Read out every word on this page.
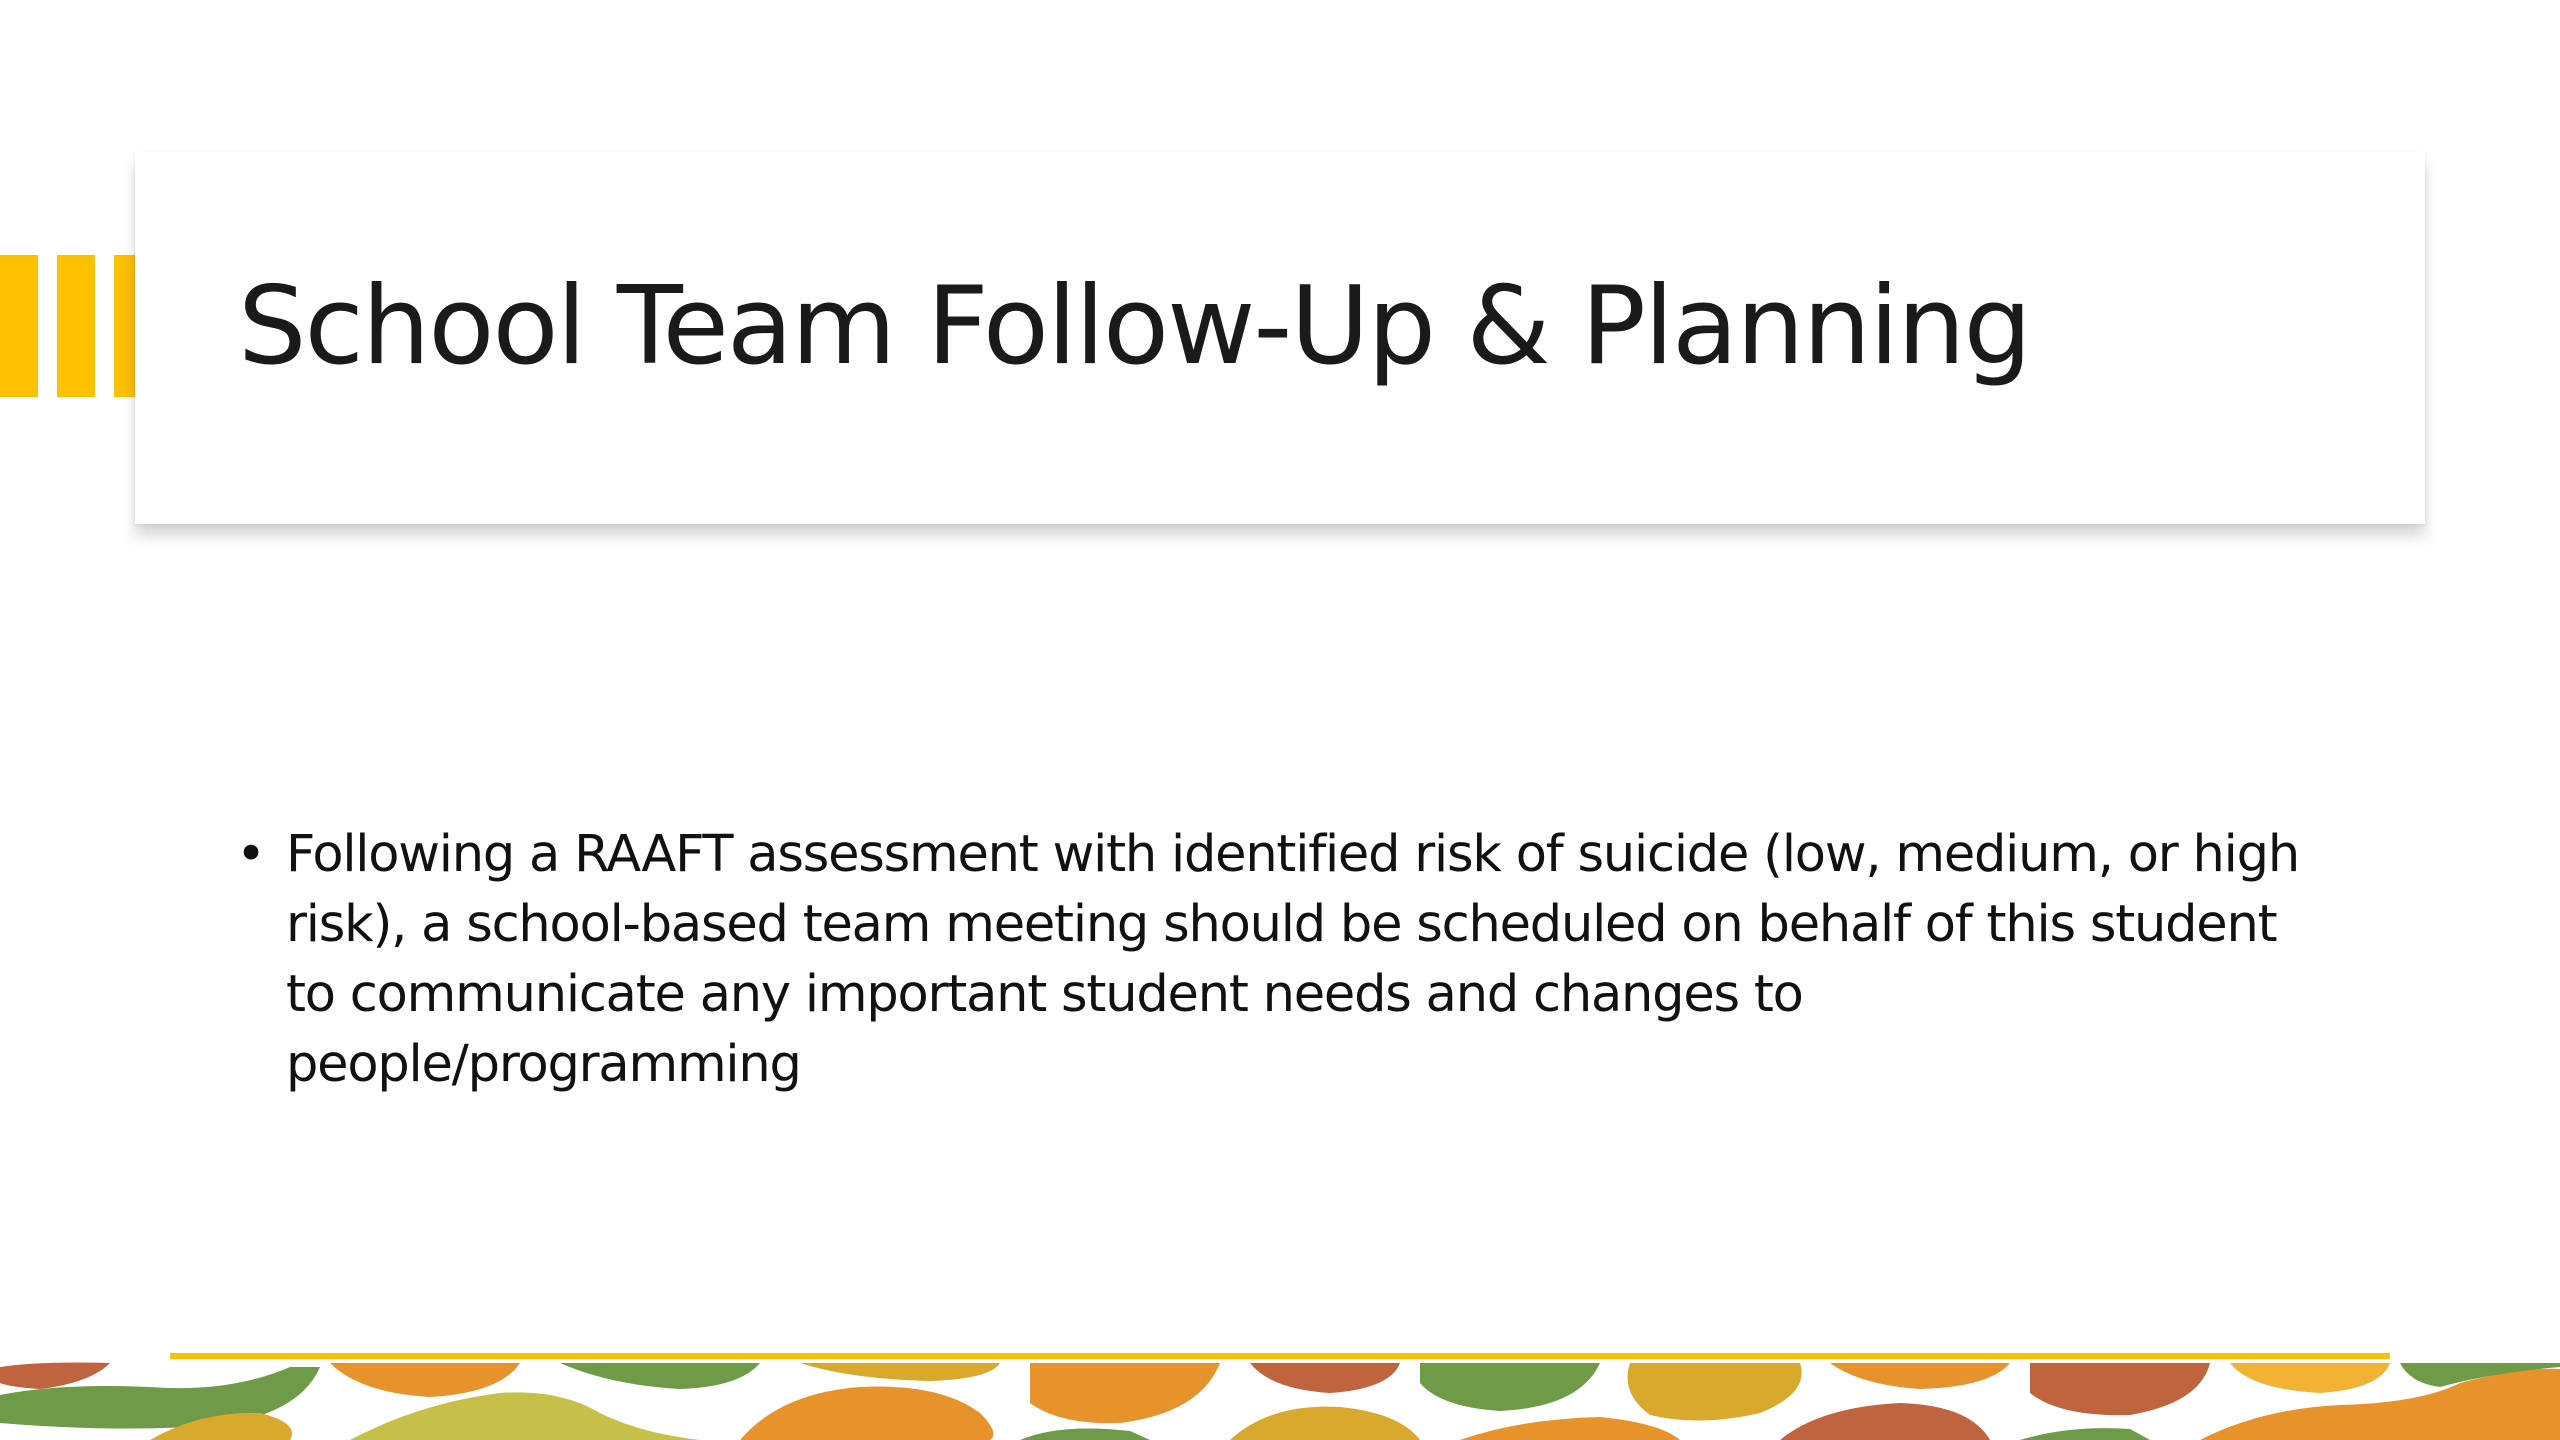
School Team Follow-Up & Planning
• Following a RAAFT assessment with identified risk of suicide (low, medium, or high risk), a school-based team meeting should be scheduled on behalf of this student to communicate any important student needs and changes to people/programming
